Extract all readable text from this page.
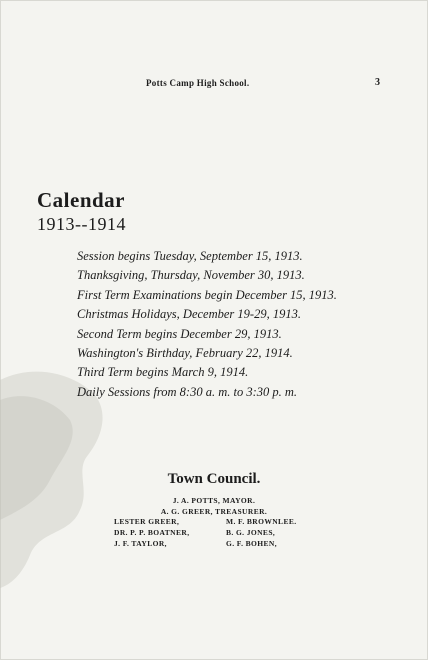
Potts Camp High School.	3
Calendar
1913--1914
Session begins Tuesday, September 15, 1913.
Thanksgiving, Thursday, November 30, 1913.
First Term Examinations begin December 15, 1913.
Christmas Holidays, December 19-29, 1913.
Second Term begins December 29, 1913.
Washington's Birthday, February 22, 1914.
Third Term begins March 9, 1914.
Daily Sessions from 8:30 a. m. to 3:30 p. m.
Town Council.
J. A. POTTS, MAYOR.
A. G. GREER, TREASURER.
LESTER GREER,	M. F. BROWNLEE.
DR. P. P. BOATNER,	B. G. JONES,
J. F. TAYLOR,	G. F. BOHEN,
